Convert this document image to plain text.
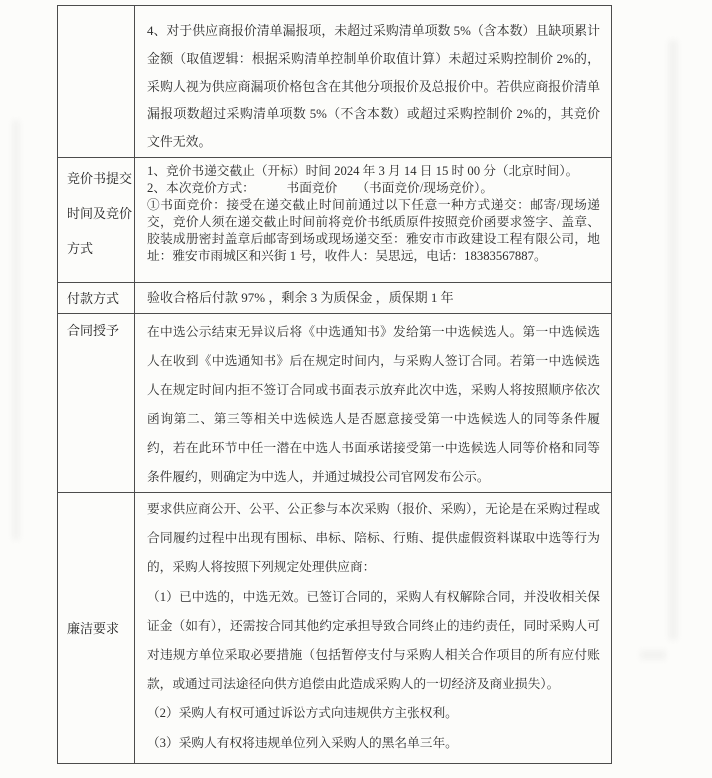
4、对于供应商报价清单漏报项，未超过采购清单项数 5%（含本数）且缺项累计金额（取值逻辑：根据采购清单控制单价取值计算）未超过采购控制价 2%的，采购人视为供应商漏项价格包含在其他分项报价及总报价中。若供应商报价清单漏报项数超过采购清单项数 5%（不含本数）或超过采购控制价 2%的，其竞价文件无效。

竞价书提交时间及竞价方式

1、竞价书递交截止（开标）时间 2024 年 3 月 14 日 15 时 00 分（北京时间）。

2、本次竞价方式：　　　书面竞价　　（书面竞价/现场竞价）。

①书面竞价：接受在递交截止时间前通过以下任意一种方式递交：邮寄/现场递交，竞价人须在递交截止时间前将竞价书纸质原件按照竞价函要求签字、盖章、胶装成册密封盖章后邮寄到场或现场递交至：雅安市市政建设工程有限公司，地址：雅安市雨城区和兴街 1 号，收件人：吴思远，电话：18383567887。

付款方式	验收合格后付款 97% ，剩余 3 为质保金 ，质保期 1 年

合同授予	在中选公示结束无异议后将《中选通知书》发给第一中选候选人。第一中选候选人在收到《中选通知书》后在规定时间内，与采购人签订合同。若第一中选候选人在规定时间内拒不签订合同或书面表示放弃此次中选，采购人将按照顺序依次函询第二、第三等相关中选候选人是否愿意接受第一中选候选人的同等条件履约，若在此环节中任一潜在中选人书面承诺接受第一中选候选人同等价格和同等条件履约，则确定为中选人，并通过城投公司官网发布公示。

廉洁要求

要求供应商公开、公平、公正参与本次采购（报价、采购），无论是在采购过程或合同履约过程中出现有围标、串标、陪标、行贿、提供虚假资料谋取中选等行为的，采购人将按照下列规定处理供应商：

（1）已中选的，中选无效。已签订合同的，采购人有权解除合同，并没收相关保证金（如有），还需按合同其他约定承担导致合同终止的违约责任，同时采购人可对违规方单位采取必要措施（包括暂停支付与采购人相关合作项目的所有应付账款，或通过司法途径向供方追偿由此造成采购人的一切经济及商业损失）。

（2）采购人有权可通过诉讼方式向违规供方主张权利。

（3）采购人有权将违规单位列入采购人的黑名单三年。
